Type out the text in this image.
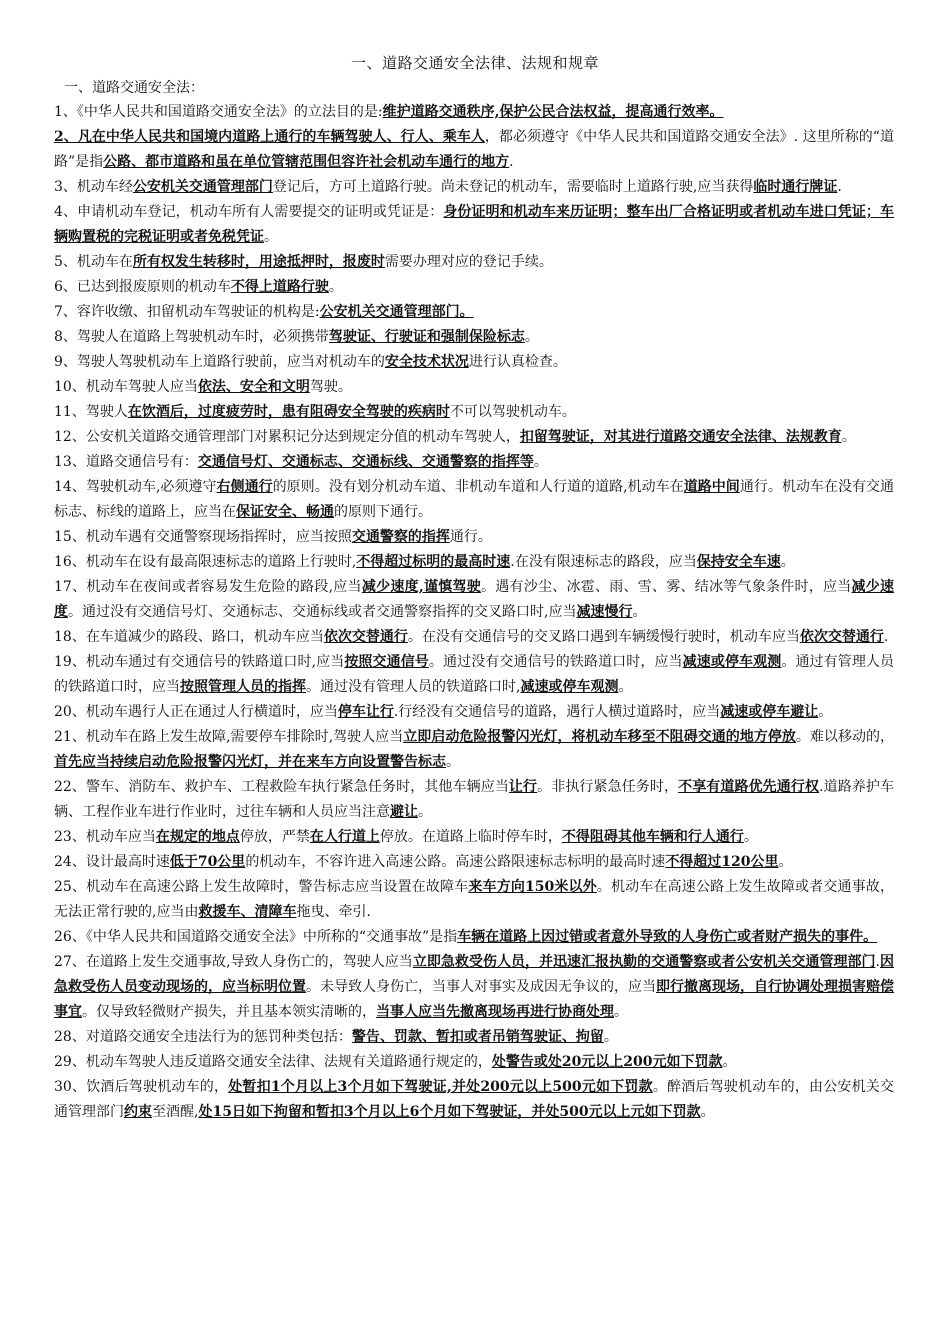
一、道路交通安全法律、法规和规章
一、道路交通安全法：

1、《中华人民共和国道路交通安全法》的立法目的是:维护道路交通秩序,保护公民合法权益，提高通行效率。

2、凡在中华人民共和国境内道路上通行的车辆驾驶人、行人、乘车人，都必须遵守《中华人民共和国道路交通安全法》. 这里所称的“道路”是指公路、都市道路和虽在单位管辖范围但容许社会机动车通行的地方.

3、机动车经公安机关交通管理部门登记后，方可上道路行驶。尚未登记的机动车，需要临时上道路行驶,应当获得临时通行牌证.

4、申请机动车登记，机动车所有人需要提交的证明或凭证是：身份证明和机动车来历证明；整车出厂合格证明或者机动车进口凭证；车辆购置税的完税证明或者免税凭证。

5、机动车在所有权发生转移时，用途抵押时，报废时需要办理对应的登记手续。

6、已达到报废原则的机动车不得上道路行驶。

7、容许收缴、扣留机动车驾驶证的机构是:公安机关交通管理部门。

8、驾驶人在道路上驾驶机动车时，必须携带驾驶证、行驶证和强制保险标志。

9、驾驶人驾驶机动车上道路行驶前，应当对机动车的安全技术状况进行认真检查。

10、机动车驾驶人应当依法、安全和文明驾驶。

11、驾驶人在饮酒后，过度疲劳时，患有阻碍安全驾驶的疾病时不可以驾驶机动车。

12、公安机关道路交通管理部门对累积记分达到规定分值的机动车驾驶人，扣留驾驶证，对其进行道路交通安全法律、法规教育。

13、道路交通信号有：交通信号灯、交通标志、交通标线、交通警察的指挥等。

14、驾驶机动车,必须遵守右侧通行的原则。没有划分机动车道、非机动车道和人行道的道路,机动车在道路中间通行。机动车在没有交通标志、标线的道路上，应当在保证安全、畅通的原则下通行。

15、机动车遇有交通警察现场指挥时，应当按照交通警察的指挥通行。

16、机动车在设有最高限速标志的道路上行驶时,不得超过标明的最高时速.在没有限速标志的路段，应当保持安全车速。

17、机动车在夜间或者容易发生危险的路段,应当减少速度,谨慎驾驶。遇有沙尘、冰雹、雨、雪、雾、结冰等气象条件时，应当减少速度。通过没有交通信号灯、交通标志、交通标线或者交通警察指挥的交叉路口时,应当减速慢行。

18、在车道减少的路段、路口，机动车应当依次交替通行。在没有交通信号的交叉路口遇到车辆缓慢行驶时，机动车应当依次交替通行.

19、机动车通过有交通信号的铁路道口时,应当按照交通信号。通过没有交通信号的铁路道口时，应当减速或停车观测。通过有管理人员的铁路道口时，应当按照管理人员的指挥。通过没有管理人员的铁道路口时,减速或停车观测。

20、机动车遇行人正在通过人行横道时，应当停车让行.行经没有交通信号的道路，遇行人横过道路时，应当减速或停车避让。

21、机动车在路上发生故障,需要停车排除时,驾驶人应当立即启动危险报警闪光灯，将机动车移至不阻碍交通的地方停放。难以移动的，首先应当持续启动危险报警闪光灯，并在来车方向设置警告标志。

22、警车、消防车、救护车、工程救险车执行紧急任务时，其他车辆应当让行。非执行紧急任务时，不享有道路优先通行权.道路养护车辆、工程作业车进行作业时，过往车辆和人员应当注意避让。

23、机动车应当在规定的地点停放，严禁在人行道上停放。在道路上临时停车时，不得阻碍其他车辆和行人通行。

24、设计最高时速低于70公里的机动车，不容许进入高速公路。高速公路限速标志标明的最高时速不得超过120公里。

25、机动车在高速公路上发生故障时，警告标志应当设置在故障车来车方向150米以外。机动车在高速公路上发生故障或者交通事故，无法正常行驶的,应当由救援车、清障车拖曳、牵引.

26、《中华人民共和国道路交通安全法》中所称的“交通事故”是指车辆在道路上因过错或者意外导致的人身伤亡或者财产损失的事件。

27、在道路上发生交通事故,导致人身伤亡的，驾驶人应当立即急救受伤人员，并迅速汇报执勤的交通警察或者公安机关交通管理部门.因急救受伤人员变动现场的，应当标明位置。未导致人身伤亡，当事人对事实及成因无争议的，应当即行撤离现场，自行协调处理损害赔偿事宜。仅导致轻微财产损失，并且基本领实清晰的，当事人应当先撤离现场再进行协商处理。

28、对道路交通安全违法行为的惩罚种类包括：警告、罚款、暂扣或者吊销驾驶证、拘留。

29、机动车驾驶人违反道路交通安全法律、法规有关道路通行规定的，处警告或处20元以上200元如下罚款。

30、饮酒后驾驶机动车的，处暂扣1个月以上3个月如下驾驶证,并处200元以上500元如下罚款。醉酒后驾驶机动车的，由公安机关交通管理部门约束至酒醒,处15日如下拘留和暂扣3个月以上6个月如下驾驶证，并处500元以上元如下罚款。
